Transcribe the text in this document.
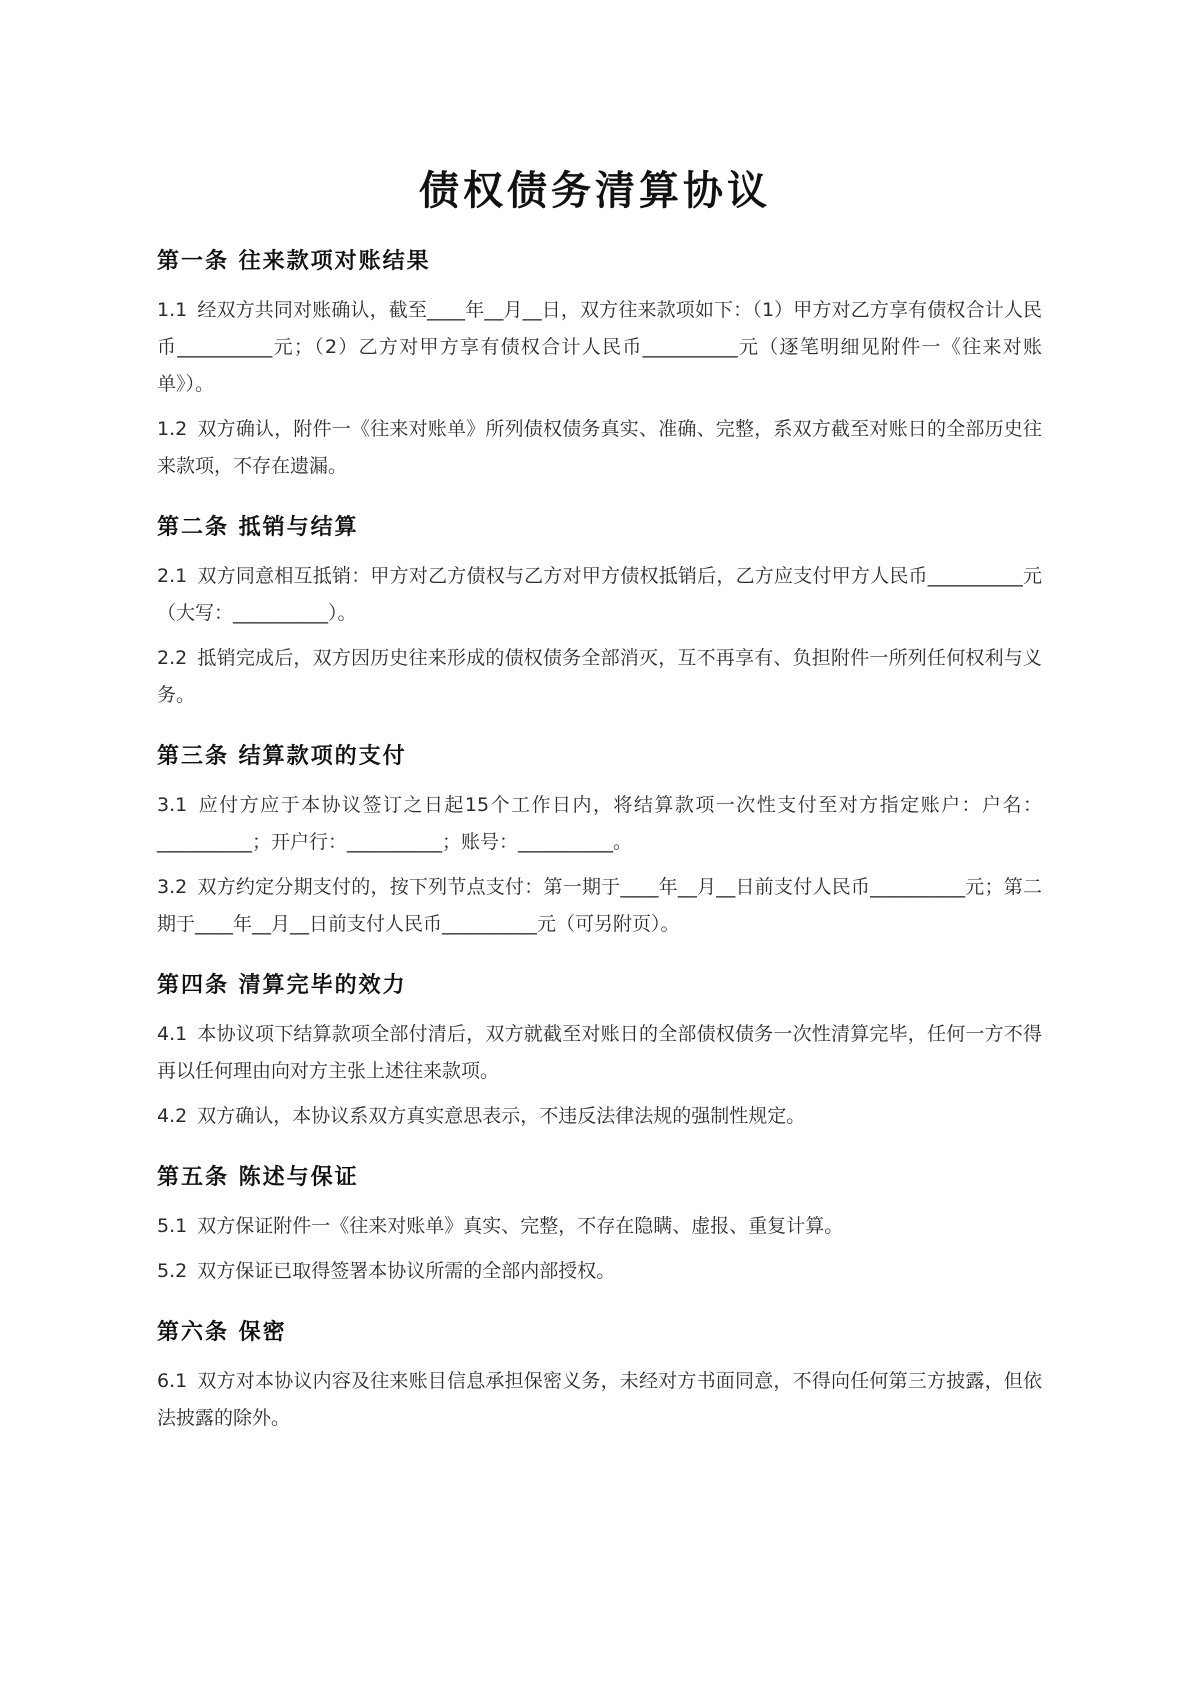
债权债务清算协议
第一条 往来款项对账结果

1.1 经双方共同对账确认，截至____年__月__日，双方往来款项如下：（1）甲方对乙方享有债权合计人民币__________元；（2）乙方对甲方享有债权合计人民币__________元（逐笔明细见附件一《往来对账单》）。

1.2 双方确认，附件一《往来对账单》所列债权债务真实、准确、完整，系双方截至对账日的全部历史往来款项，不存在遗漏。

第二条 抵销与结算

2.1 双方同意相互抵销：甲方对乙方债权与乙方对甲方债权抵销后，乙方应支付甲方人民币__________元（大写：__________）。

2.2 抵销完成后，双方因历史往来形成的债权债务全部消灭，互不再享有、负担附件一所列任何权利与义务。

第三条 结算款项的支付

3.1 应付方应于本协议签订之日起15个工作日内，将结算款项一次性支付至对方指定账户：户名：__________；开户行：__________；账号：__________。

3.2 双方约定分期支付的，按下列节点支付：第一期于____年__月__日前支付人民币__________元；第二期于____年__月__日前支付人民币__________元（可另附页）。

第四条 清算完毕的效力

4.1 本协议项下结算款项全部付清后，双方就截至对账日的全部债权债务一次性清算完毕，任何一方不得再以任何理由向对方主张上述往来款项。

4.2 双方确认，本协议系双方真实意思表示，不违反法律法规的强制性规定。

第五条 陈述与保证

5.1 双方保证附件一《往来对账单》真实、完整，不存在隐瞒、虚报、重复计算。

5.2 双方保证已取得签署本协议所需的全部内部授权。

第六条 保密

6.1 双方对本协议内容及往来账目信息承担保密义务，未经对方书面同意，不得向任何第三方披露，但依法披露的除外。
